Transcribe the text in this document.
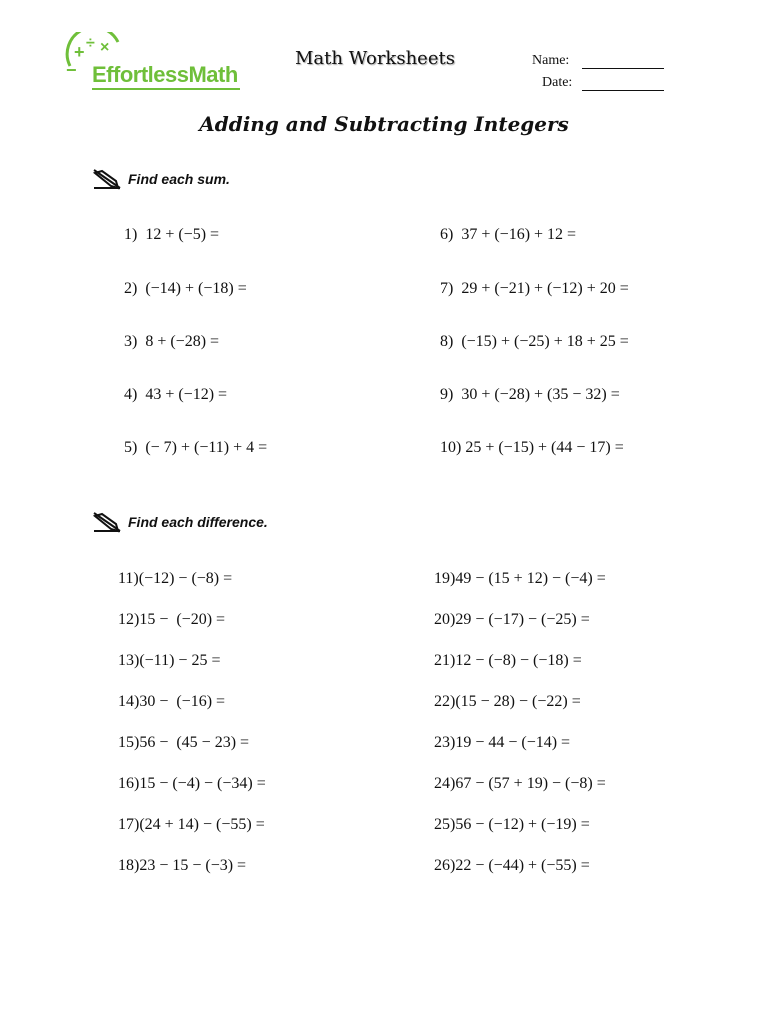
+ ÷ ×
− EffortlessMath
Math Worksheets	Name:
Date:
Adding and Subtracting Integers
Find each sum.
1) 12 + (−5) =
2) (−14) + (−18) =
3) 8 + (−28) =
4) 43 + (−12) =
5) (− 7) + (−11) + 4 =
6) 37 + (−16) + 12 =
7) 29 + (−21) + (−12) + 20 =
8) (−15) + (−25) + 18 + 25 =
9) 30 + (−28) + (35 − 32) =
10) 25 + (−15) + (44 − 17) =
Find each difference.
11)(−12) − (−8) =
12)15 −  (−20) =
13)(−11) − 25 =
14)30 −  (−16) =
15)56 −  (45 − 23) =
16)15 − (−4) − (−34) =
17)(24 + 14) − (−55) =
18)23 − 15 − (−3) =
19)49 − (15 + 12) − (−4) =
20)29 − (−17) − (−25) =
21)12 − (−8) − (−18) =
22)(15 − 28) − (−22) =
23)19 − 44 − (−14) =
24)67 − (57 + 19) − (−8) =
25)56 − (−12) + (−19) =
26)22 − (−44) + (−55) =
